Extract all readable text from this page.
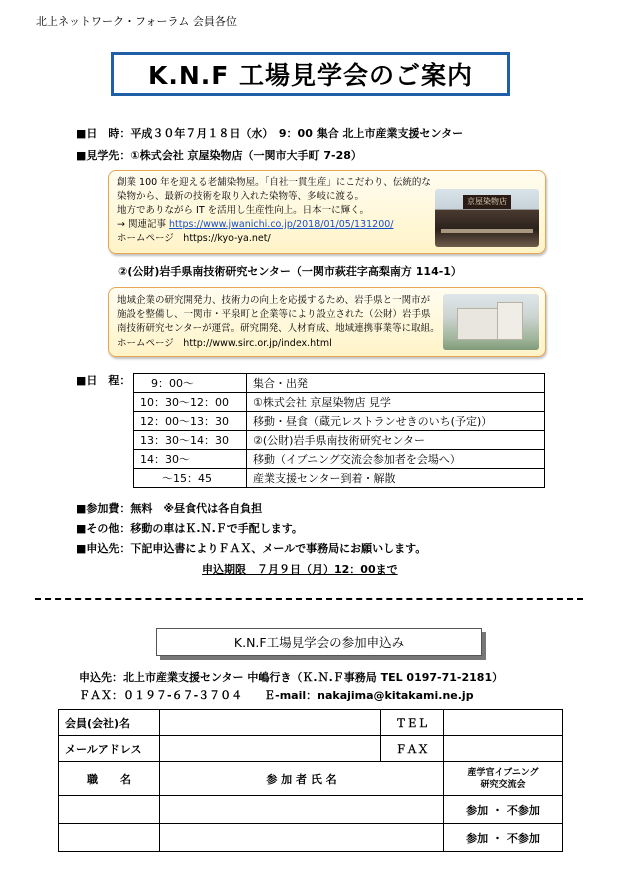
北上ネットワーク・フォーラム 会員各位
K.N.F 工場見学会のご案内
■日　時：平成３０年７月１８日（水）　9：00 集合 北上市産業支援センター
■見学先：①株式会社 京屋染物店（一関市大手町 7-28）
創業 100 年を迎える老舗染物屋。「自社一貫生産」にこだわり、伝統的な
染物から、最新の技術を取り入れた染物等、多岐に渡る。
地方でありながら IT を活用し生産性向上。日本一に輝く。
→ 関連記事 https://www.jwanichi.co.jp/2018/01/05/131200/
ホームページ　https://kyo-ya.net/
京屋染物店
②(公財)岩手県南技術研究センター（一関市萩荘字高梨南方 114-1）
地域企業の研究開発力、技術力の向上を応援するため、岩手県と一関市が
施設を整備し、一関市・平泉町と企業等により設立された（公財）岩手県
南技術研究センターが運営。研究開発、人材育成、地域連携事業等に取組。
ホームページ　http://www.sirc.or.jp/index.html
■日　程： 　9：00～	集合・出発
10：30～12：00	①株式会社 京屋染物店 見学
12：00～13：30	移動・昼食（蔵元レストランせきのいち(予定)）
13：30～14：30	②(公財)岩手県南技術研究センター
14：30～	移動（イブニング交流会参加者を会場へ）
　　～15：45	産業支援センター到着・解散
■参加費：無料　※昼食代は各自負担
■その他：移動の車はＫ.Ｎ.Ｆで手配します。
■申込先：下記申込書によりＦＡＸ、メールで事務局にお願いします。
申込期限　７月９日（月）12：00まで
K.N.F工場見学会の参加申込み
申込先：北上市産業支援センター 中嶋行き（Ｋ.Ｎ.Ｆ事務局 TEL 0197-71-2181）
ＦＡＸ：０１９７-６７-３７０４　　Ｅ-mail：nakajima@kitakami.ne.jp
会員(会社)名		ＴＥＬ	
メールアドレス		ＦＡＸ	
職　　名	参 加 者 氏 名		産学官イブニング
研究交流会

			参加 ・ 不参加
			参加 ・ 不参加
